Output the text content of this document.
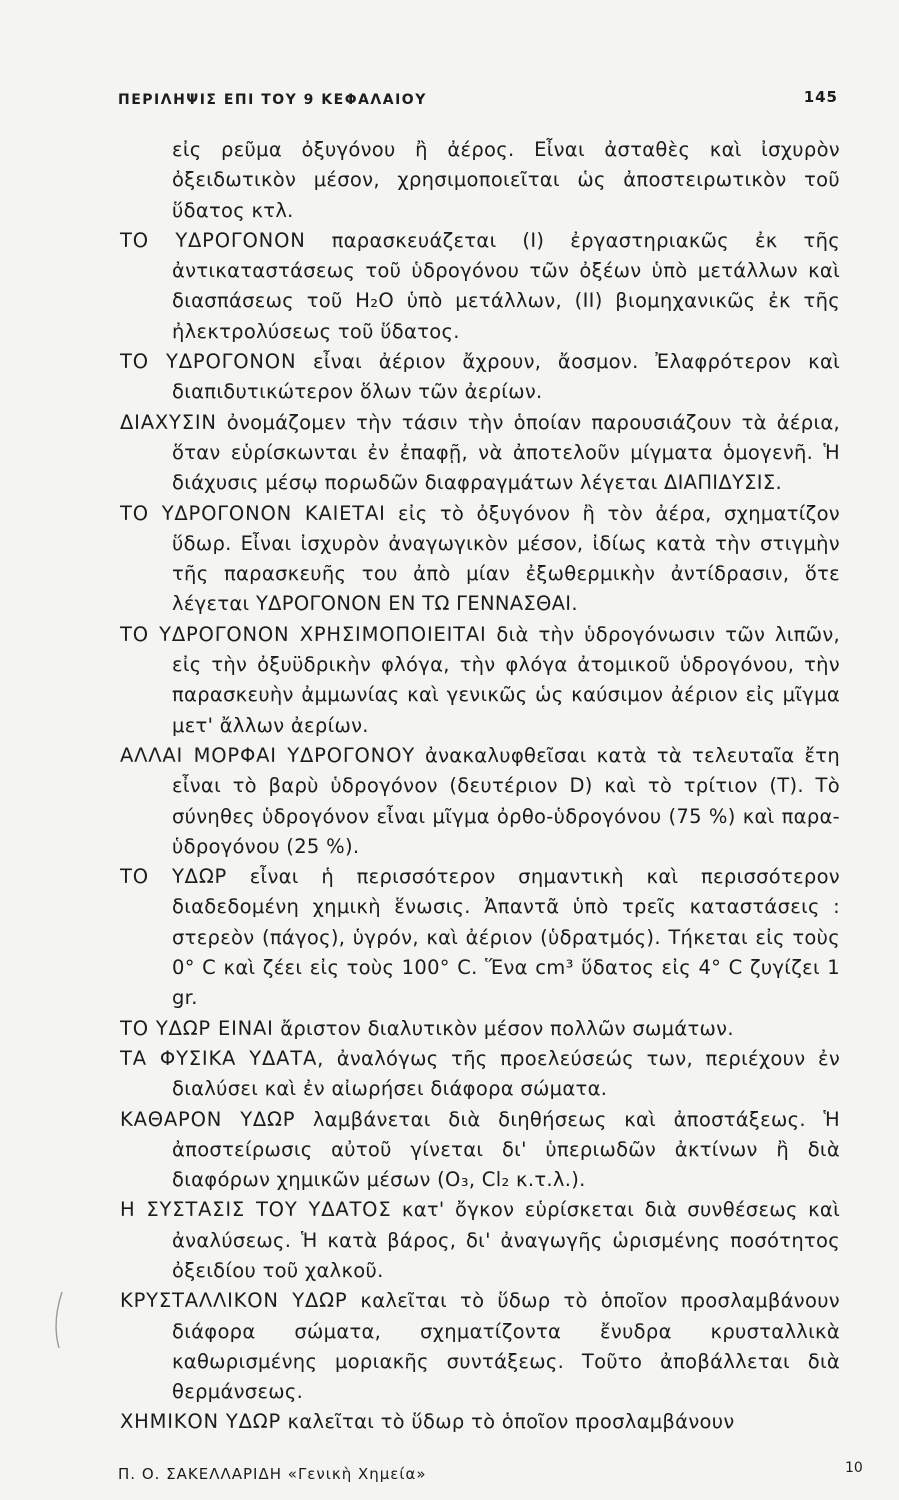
ΠΕΡΙΛΗΨΙΣ ΕΠΙ ΤΟΥ 9 ΚΕΦΑΛΑΙΟΥ	145

εἰς ρεῦμα ὀξυγόνου ἢ ἀέρος. Εἶναι ἀσταθὲς καὶ ἰσχυρὸν ὀξειδωτικὸν μέσον, χρησιμοποιεῖται ὡς ἀποστειρωτικὸν τοῦ ὕδατος κτλ.

ΤΟ ΥΔΡΟΓΟΝΟΝ παρασκευάζεται (Ι) ἐργαστηριακῶς ἐκ τῆς ἀντικαταστάσεως τοῦ ὑδρογόνου τῶν ὀξέων ὑπὸ μετάλλων καὶ διασπάσεως τοῦ H₂O ὑπὸ μετάλλων, (ΙΙ) βιομηχανικῶς ἐκ τῆς ἠλεκτρολύσεως τοῦ ὕδατος.

ΤΟ ΥΔΡΟΓΟΝΟΝ εἶναι ἀέριον ἄχρουν, ἄοσμον. Ἐλαφρότερον καὶ διαπιδυτικώτερον ὅλων τῶν ἀερίων.

ΔΙΑΧΥΣΙΝ ὀνομάζομεν τὴν τάσιν τὴν ὁποίαν παρουσιάζουν τὰ ἀέρια, ὅταν εὑρίσκωνται ἐν ἐπαφῇ, νὰ ἀποτελοῦν μίγματα ὁμογενῆ. Ἡ διάχυσις μέσῳ πορωδῶν διαφραγμάτων λέγεται ΔΙΑΠΙΔΥΣΙΣ.

ΤΟ ΥΔΡΟΓΟΝΟΝ ΚΑΙΕΤΑΙ εἰς τὸ ὀξυγόνον ἢ τὸν ἀέρα, σχηματίζον ὕδωρ. Εἶναι ἰσχυρὸν ἀναγωγικὸν μέσον, ἰδίως κατὰ τὴν στιγμὴν τῆς παρασκευῆς του ἀπὸ μίαν ἐξωθερμικὴν ἀντίδρασιν, ὅτε λέγεται ΥΔΡΟΓΟΝΟΝ ΕΝ ΤΩ ΓΕΝΝΑΣΘΑΙ.

ΤΟ ΥΔΡΟΓΟΝΟΝ ΧΡΗΣΙΜΟΠΟΙΕΙΤΑΙ διὰ τὴν ὑδρογόνωσιν τῶν λιπῶν, εἰς τὴν ὀξυϋδρικὴν φλόγα, τὴν φλόγα ἀτομικοῦ ὑδρογόνου, τὴν παρασκευὴν ἀμμωνίας καὶ γενικῶς ὡς καύσιμον ἀέριον εἰς μῖγμα μετ' ἄλλων ἀερίων.

ΑΛΛΑΙ ΜΟΡΦΑΙ ΥΔΡΟΓΟΝΟΥ ἀνακαλυφθεῖσαι κατὰ τὰ τελευταῖα ἔτη εἶναι τὸ βαρὺ ὑδρογόνον (δευτέριον D) καὶ τὸ τρίτιον (Τ). Τὸ σύνηθες ὑδρογόνον εἶναι μῖγμα ὀρθο-ὑδρογόνου (75 %) καὶ παρα-ὑδρογόνου (25 %).

ΤΟ ΥΔΩΡ εἶναι ἡ περισσότερον σημαντικὴ καὶ περισσότερον διαδεδομένη χημικὴ ἕνωσις. Ἀπαντᾶ ὑπὸ τρεῖς καταστάσεις : στερεὸν (πάγος), ὑγρόν, καὶ ἀέριον (ὑδρατμός). Τήκεται εἰς τοὺς 0° C καὶ ζέει εἰς τοὺς 100° C. Ἕνα cm³ ὕδατος εἰς 4° C ζυγίζει 1 gr.

ΤΟ ΥΔΩΡ ΕΙΝΑΙ ἄριστον διαλυτικὸν μέσον πολλῶν σωμάτων.

ΤΑ ΦΥΣΙΚΑ ΥΔΑΤΑ, ἀναλόγως τῆς προελεύσεώς των, περιέχουν ἐν διαλύσει καὶ ἐν αἰωρήσει διάφορα σώματα.

ΚΑΘΑΡΟΝ ΥΔΩΡ λαμβάνεται διὰ διηθήσεως καὶ ἀποστάξεως. Ἡ ἀποστείρωσις αὐτοῦ γίνεται δι' ὑπεριωδῶν ἀκτίνων ἢ διὰ διαφόρων χημικῶν μέσων (O₃, Cl₂ κ.τ.λ.).

Η ΣΥΣΤΑΣΙΣ ΤΟΥ ΥΔΑΤΟΣ κατ' ὄγκον εὑρίσκεται διὰ συνθέσεως καὶ ἀναλύσεως. Ἡ κατὰ βάρος, δι' ἀναγωγῆς ὡρισμένης ποσότητος ὀξειδίου τοῦ χαλκοῦ.

ΚΡΥΣΤΑΛΛΙΚΟΝ ΥΔΩΡ καλεῖται τὸ ὕδωρ τὸ ὁποῖον προσλαμβάνουν διάφορα σώματα, σχηματίζοντα ἔνυδρα κρυσταλλικὰ καθωρισμένης μοριακῆς συντάξεως. Τοῦτο ἀποβάλλεται διὰ θερμάνσεως.

ΧΗΜΙΚΟΝ ΥΔΩΡ καλεῖται τὸ ὕδωρ τὸ ὁποῖον προσλαμβάνουν

Π. Ο. ΣΑΚΕΛΛΑΡΙΔΗ «Γενικὴ Χημεία»	10
